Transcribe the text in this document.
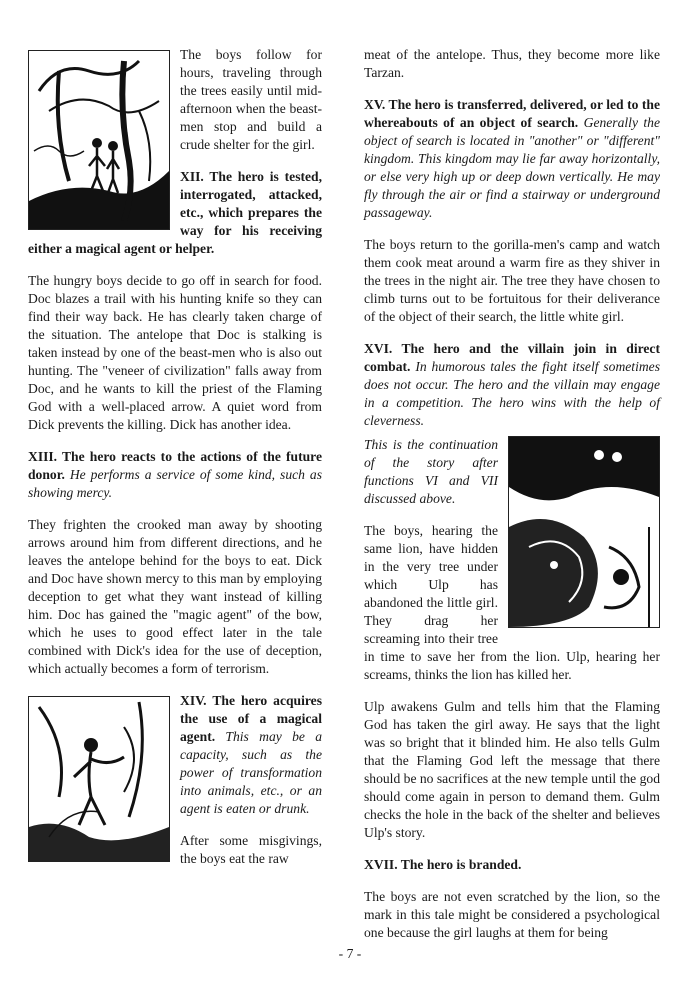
The boys follow for hours, traveling through the trees easily until mid-afternoon when the beast-men stop and build a crude shelter for the girl.

XII. The hero is tested, interrogated, attacked, etc., which prepares the way for his receiving either a magical agent or helper.

The hungry boys decide to go off in search for food. Doc blazes a trail with his hunting knife so they can find their way back. He has clearly taken charge of the situation. The antelope that Doc is stalking is taken instead by one of the beast-men who is also out hunting. The "veneer of civilization" falls away from Doc, and he wants to kill the priest of the Flaming God with a well-placed arrow. A quiet word from Dick prevents the killing. Dick has another idea.

XIII. The hero reacts to the actions of the future donor. He performs a service of some kind, such as showing mercy.

They frighten the crooked man away by shooting arrows around him from different directions, and he leaves the antelope behind for the boys to eat. Dick and Doc have shown mercy to this man by employing deception to get what they want instead of killing him. Doc has gained the "magic agent" of the bow, which he uses to good effect later in the tale combined with Dick's idea for the use of deception, which actually becomes a form of terrorism.

XIV. The hero acquires the use of a magical agent. This may be a capacity, such as the power of transformation into animals, etc., or an agent is eaten or drunk.

After some misgivings, the boys eat the raw

meat of the antelope. Thus, they become more like Tarzan.

XV. The hero is transferred, delivered, or led to the whereabouts of an object of search. Generally the object of search is located in "another" or "different" kingdom. This kingdom may lie far away horizontally, or else very high up or deep down vertically. He may fly through the air or find a stairway or underground passageway.

The boys return to the gorilla-men's camp and watch them cook meat around a warm fire as they shiver in the trees in the night air. The tree they have chosen to climb turns out to be fortuitous for their deliverance of the object of their search, the little white girl.

XVI. The hero and the villain join in direct combat. In humorous tales the fight itself sometimes does not occur. The hero and the villain may engage in a competition. The hero wins with the help of cleverness.

This is the continuation of the story after functions VI and VII discussed above.

The boys, hearing the same lion, have hidden in the very tree under which Ulp has abandoned the little girl. They drag her screaming into their tree in time to save her from the lion. Ulp, hearing her screams, thinks the lion has killed her.

Ulp awakens Gulm and tells him that the Flaming God has taken the girl away. He says that the light was so bright that it blinded him. He also tells Gulm that the Flaming God left the message that there should be no sacrifices at the new temple until the god should come again in person to demand them. Gulm checks the hole in the back of the shelter and believes Ulp's story.

XVII. The hero is branded.

The boys are not even scratched by the lion, so the mark in this tale might be considered a psychological one because the girl laughs at them for being

- 7 -
